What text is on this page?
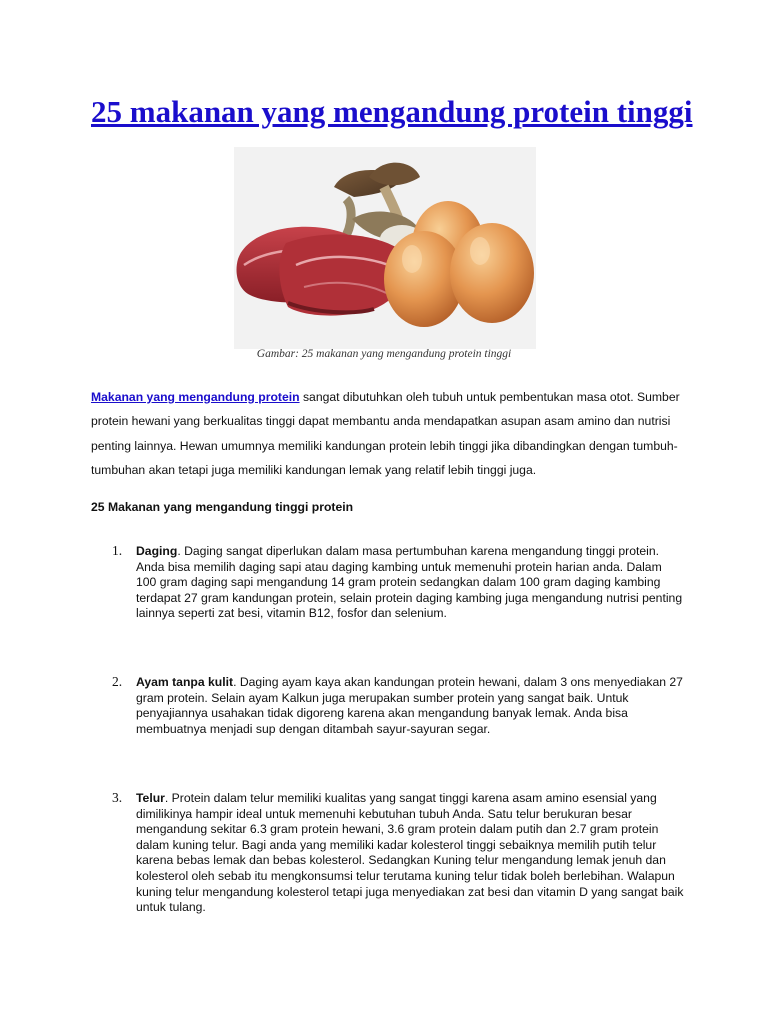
25 makanan yang mengandung protein tinggi
Gambar: 25 makanan yang mengandung protein tinggi

Makanan yang mengandung protein sangat dibutuhkan oleh tubuh untuk pembentukan masa otot. Sumber protein hewani yang berkualitas tinggi dapat membantu anda mendapatkan asupan asam amino dan nutrisi penting lainnya. Hewan umumnya memiliki kandungan protein lebih tinggi jika dibandingkan dengan tumbuh-tumbuhan akan tetapi juga memiliki kandungan lemak yang relatif lebih tinggi juga.

25 Makanan yang mengandung tinggi protein

1. Daging. Daging sangat diperlukan dalam masa pertumbuhan karena mengandung tinggi protein. Anda bisa memilih daging sapi atau daging kambing untuk memenuhi protein harian anda. Dalam 100 gram daging sapi mengandung 14 gram protein sedangkan dalam 100 gram daging kambing terdapat 27 gram kandungan protein, selain protein daging kambing juga mengandung nutrisi penting lainnya seperti zat besi, vitamin B12, fosfor dan selenium.
2. Ayam tanpa kulit. Daging ayam kaya akan kandungan protein hewani, dalam 3 ons menyediakan 27 gram protein. Selain ayam Kalkun juga merupakan sumber protein yang sangat baik. Untuk penyajiannya usahakan tidak digoreng karena akan mengandung banyak lemak. Anda bisa membuatnya menjadi sup dengan ditambah sayur-sayuran segar.
3. Telur. Protein dalam telur memiliki kualitas yang sangat tinggi karena asam amino esensial yang dimilikinya hampir ideal untuk memenuhi kebutuhan tubuh Anda. Satu telur berukuran besar mengandung sekitar 6.3 gram protein hewani, 3.6 gram protein dalam putih dan 2.7 gram protein dalam kuning telur. Bagi anda yang memiliki kadar kolesterol tinggi sebaiknya memilih putih telur karena bebas lemak dan bebas kolesterol. Sedangkan Kuning telur mengandung lemak jenuh dan kolesterol oleh sebab itu mengkonsumsi telur terutama kuning telur tidak boleh berlebihan. Walapun kuning telur mengandung kolesterol tetapi juga menyediakan zat besi dan vitamin D yang sangat baik untuk tulang.
